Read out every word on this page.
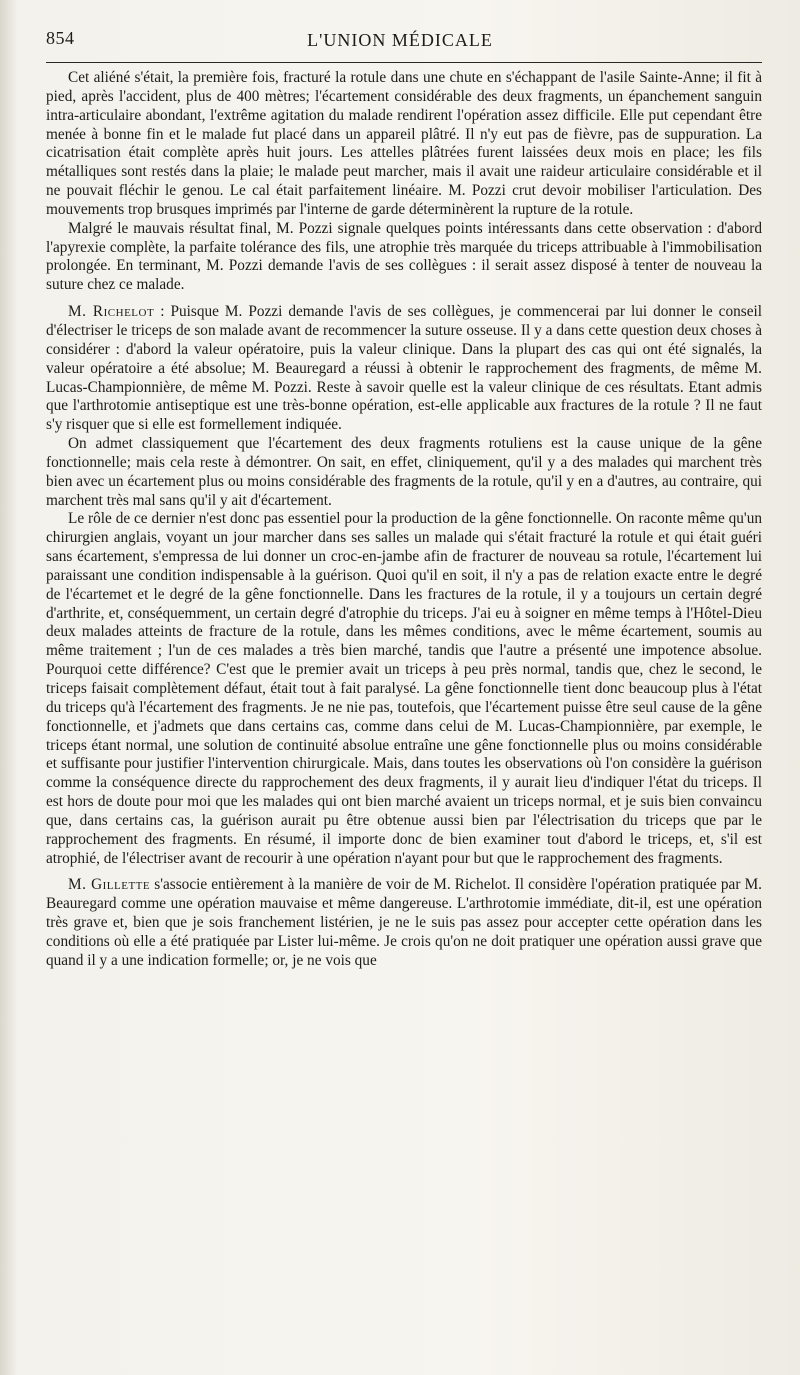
854	L'UNION MÉDICALE

Cet aliéné s'était, la première fois, fracturé la rotule dans une chute en s'échappant de l'asile Sainte-Anne; il fit à pied, après l'accident, plus de 400 mètres; l'écartement considérable des deux fragments, un épanchement sanguin intra-articulaire abondant, l'extrême agitation du malade rendirent l'opération assez difficile. Elle put cependant être menée à bonne fin et le malade fut placé dans un appareil plâtré. Il n'y eut pas de fièvre, pas de suppuration. La cicatrisation était complète après huit jours. Les attelles plâtrées furent laissées deux mois en place; les fils métalliques sont restés dans la plaie; le malade peut marcher, mais il avait une raideur articulaire considérable et il ne pouvait fléchir le genou. Le cal était parfaitement linéaire. M. Pozzi crut devoir mobiliser l'articulation. Des mouvements trop brusques imprimés par l'interne de garde déterminèrent la rupture de la rotule.

Malgré le mauvais résultat final, M. Pozzi signale quelques points intéressants dans cette observation : d'abord l'apyrexie complète, la parfaite tolérance des fils, une atrophie très marquée du triceps attribuable à l'immobilisation prolongée. En terminant, M. Pozzi demande l'avis de ses collègues : il serait assez disposé à tenter de nouveau la suture chez ce malade.

M. Richelot : Puisque M. Pozzi demande l'avis de ses collègues, je commencerai par lui donner le conseil d'électriser le triceps de son malade avant de recommencer la suture osseuse. Il y a dans cette question deux choses à considérer : d'abord la valeur opératoire, puis la valeur clinique. Dans la plupart des cas qui ont été signalés, la valeur opératoire a été absolue; M. Beauregard a réussi à obtenir le rapprochement des fragments, de même M. Lucas-Championnière, de même M. Pozzi. Reste à savoir quelle est la valeur clinique de ces résultats. Etant admis que l'arthrotomie antiseptique est une très-bonne opération, est-elle applicable aux fractures de la rotule ? Il ne faut s'y risquer que si elle est formellement indiquée.

On admet classiquement que l'écartement des deux fragments rotuliens est la cause unique de la gêne fonctionnelle; mais cela reste à démontrer. On sait, en effet, cliniquement, qu'il y a des malades qui marchent très bien avec un écartement plus ou moins considérable des fragments de la rotule, qu'il y en a d'autres, au contraire, qui marchent très mal sans qu'il y ait d'écartement.

Le rôle de ce dernier n'est donc pas essentiel pour la production de la gêne fonctionnelle. On raconte même qu'un chirurgien anglais, voyant un jour marcher dans ses salles un malade qui s'était fracturé la rotule et qui était guéri sans écartement, s'empressa de lui donner un croc-en-jambe afin de fracturer de nouveau sa rotule, l'écartement lui paraissant une condition indispensable à la guérison. Quoi qu'il en soit, il n'y a pas de relation exacte entre le degré de l'écartemet et le degré de la gêne fonctionnelle. Dans les fractures de la rotule, il y a toujours un certain degré d'arthrite, et, conséquemment, un certain degré d'atrophie du triceps. J'ai eu à soigner en même temps à l'Hôtel-Dieu deux malades atteints de fracture de la rotule, dans les mêmes conditions, avec le même écartement, soumis au même traitement ; l'un de ces malades a très bien marché, tandis que l'autre a présenté une impotence absolue. Pourquoi cette différence? C'est que le premier avait un triceps à peu près normal, tandis que, chez le second, le triceps faisait complètement défaut, était tout à fait paralysé. La gêne fonctionnelle tient donc beaucoup plus à l'état du triceps qu'à l'écartement des fragments. Je ne nie pas, toutefois, que l'écartement puisse être seul cause de la gêne fonctionnelle, et j'admets que dans certains cas, comme dans celui de M. Lucas-Championnière, par exemple, le triceps étant normal, une solution de continuité absolue entraîne une gêne fonctionnelle plus ou moins considérable et suffisante pour justifier l'intervention chirurgicale. Mais, dans toutes les observations où l'on considère la guérison comme la conséquence directe du rapprochement des deux fragments, il y aurait lieu d'indiquer l'état du triceps. Il est hors de doute pour moi que les malades qui ont bien marché avaient un triceps normal, et je suis bien convaincu que, dans certains cas, la guérison aurait pu être obtenue aussi bien par l'électrisation du triceps que par le rapprochement des fragments. En résumé, il importe donc de bien examiner tout d'abord le triceps, et, s'il est atrophié, de l'électriser avant de recourir à une opération n'ayant pour but que le rapprochement des fragments.

M. Gillette s'associe entièrement à la manière de voir de M. Richelot. Il considère l'opération pratiquée par M. Beauregard comme une opération mauvaise et même dangereuse. L'arthrotomie immédiate, dit-il, est une opération très grave et, bien que je sois franchement listérien, je ne le suis pas assez pour accepter cette opération dans les conditions où elle a été pratiquée par Lister lui-même. Je crois qu'on ne doit pratiquer une opération aussi grave que quand il y a une indication formelle; or, je ne vois que
